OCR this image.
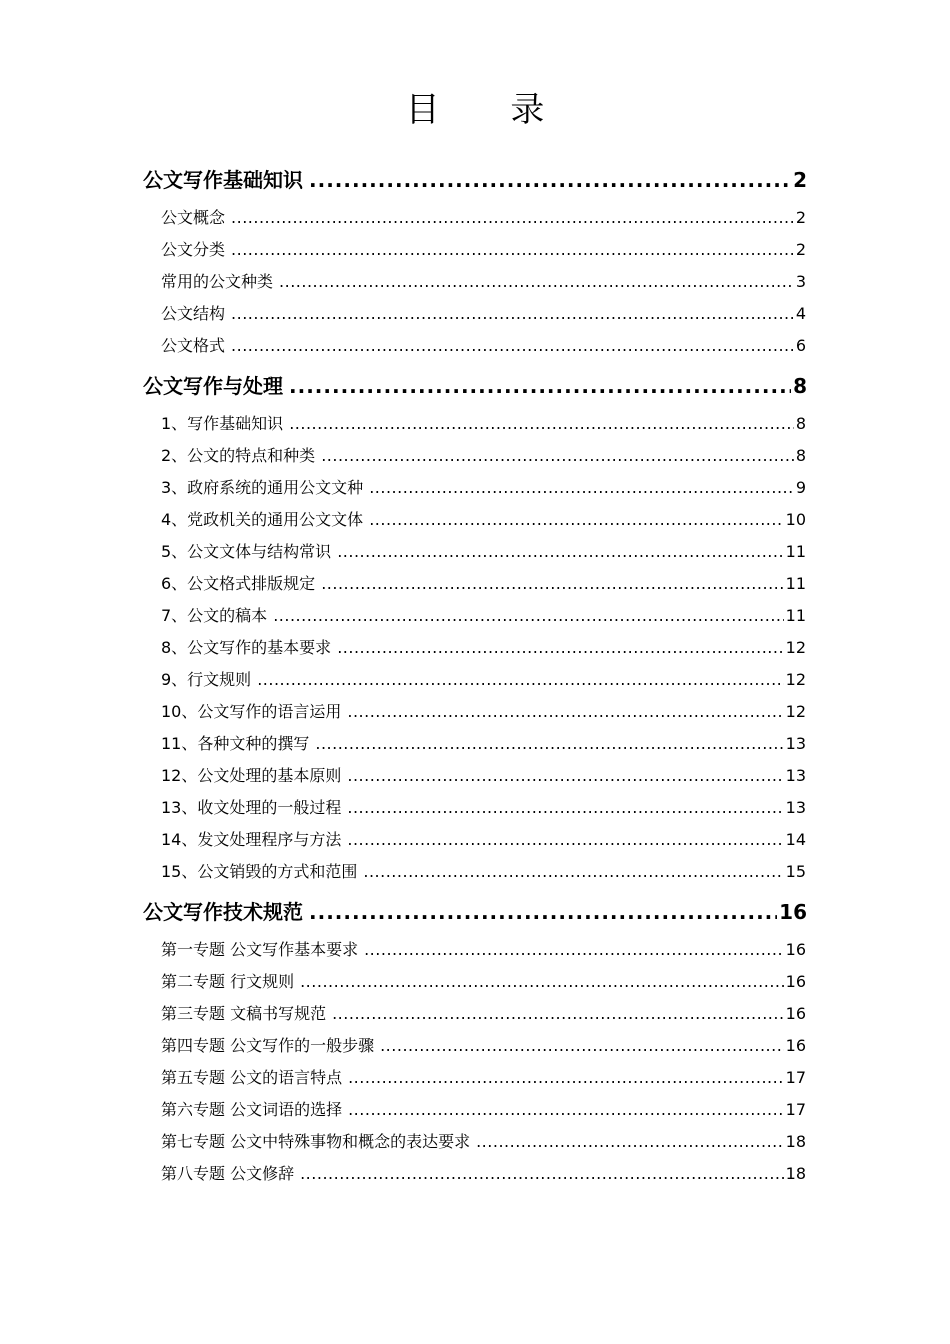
目 录
公文写作基础知识 .....	2
公文概念 .....	2
公文分类 .....	2
常用的公文种类 .....	3
公文结构 .....	4
公文格式 .....	6
公文写作与处理 .....	8
1、写作基础知识 .....	8
2、公文的特点和种类 .....	8
3、政府系统的通用公文文种 .....	9
4、党政机关的通用公文文体 .....	10
5、公文文体与结构常识 .....	11
6、公文格式排版规定 .....	11
7、公文的稿本 .....	11
8、公文写作的基本要求 .....	12
9、行文规则 .....	12
10、公文写作的语言运用 .....	12
11、各种文种的撰写 .....	13
12、公文处理的基本原则 .....	13
13、收文处理的一般过程 .....	13
14、发文处理程序与方法 .....	14
15、公文销毁的方式和范围 .....	15
公文写作技术规范 .....	16
第一专题 公文写作基本要求 .....	16
第二专题 行文规则 .....	16
第三专题 文稿书写规范 .....	16
第四专题 公文写作的一般步骤 .....	16
第五专题 公文的语言特点 .....	17
第六专题 公文词语的选择 .....	17
第七专题 公文中特殊事物和概念的表达要求 .....	18
第八专题 公文修辞 .....	18
